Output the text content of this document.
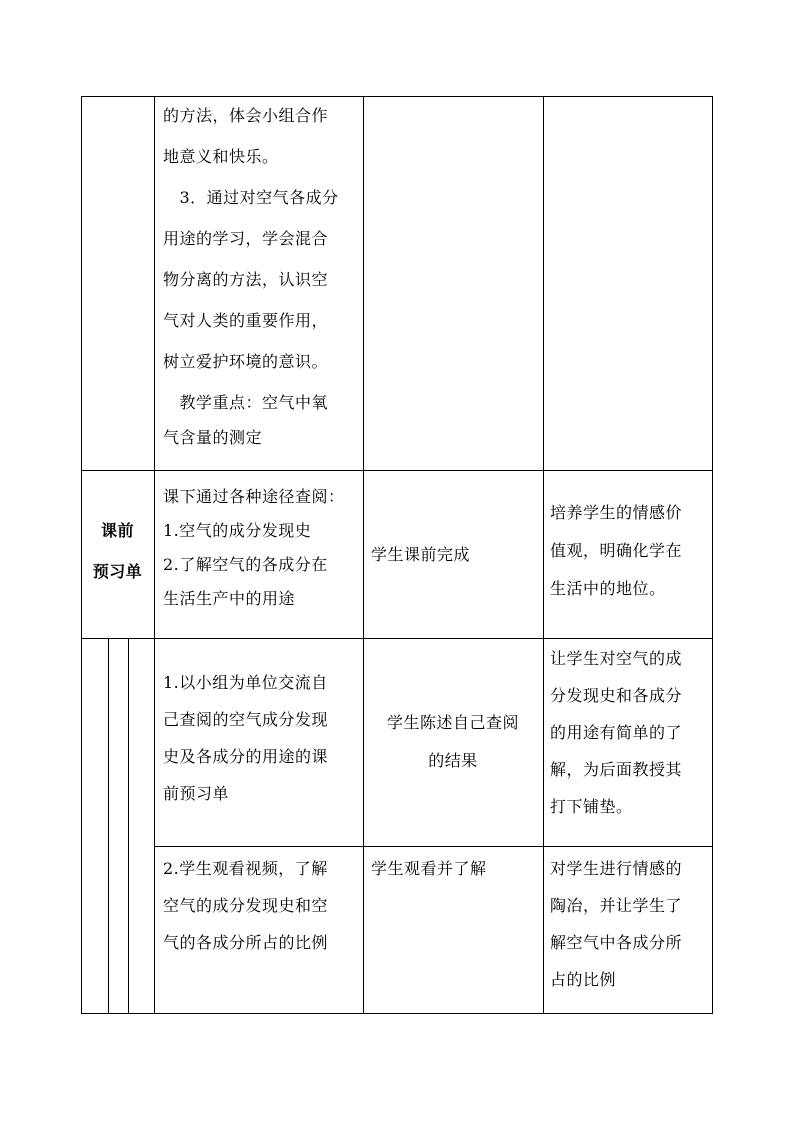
的方法，体会小组合作
地意义和快乐。
　3．通过对空气各成分
用途的学习，学会混合
物分离的方法，认识空
气对人类的重要作用，
树立爱护环境的意识。
　教学重点：空气中氧
气含量的测定
课前
预习单
课下通过各种途径查阅：
1.空气的成分发现史
2.了解空气的各成分在
生活生产中的用途
学生课前完成
培养学生的情感价
值观，明确化学在
生活中的地位。
1.以小组为单位交流自
己查阅的空气成分发现
史及各成分的用途的课
前预习单
学生陈述自己查阅
的结果
让学生对空气的成
分发现史和各成分
的用途有简单的了
解，为后面教授其
打下铺垫。
2.学生观看视频，了解
空气的成分发现史和空
气的各成分所占的比例
学生观看并了解	对学生进行情感的
陶冶，并让学生了
解空气中各成分所
占的比例
